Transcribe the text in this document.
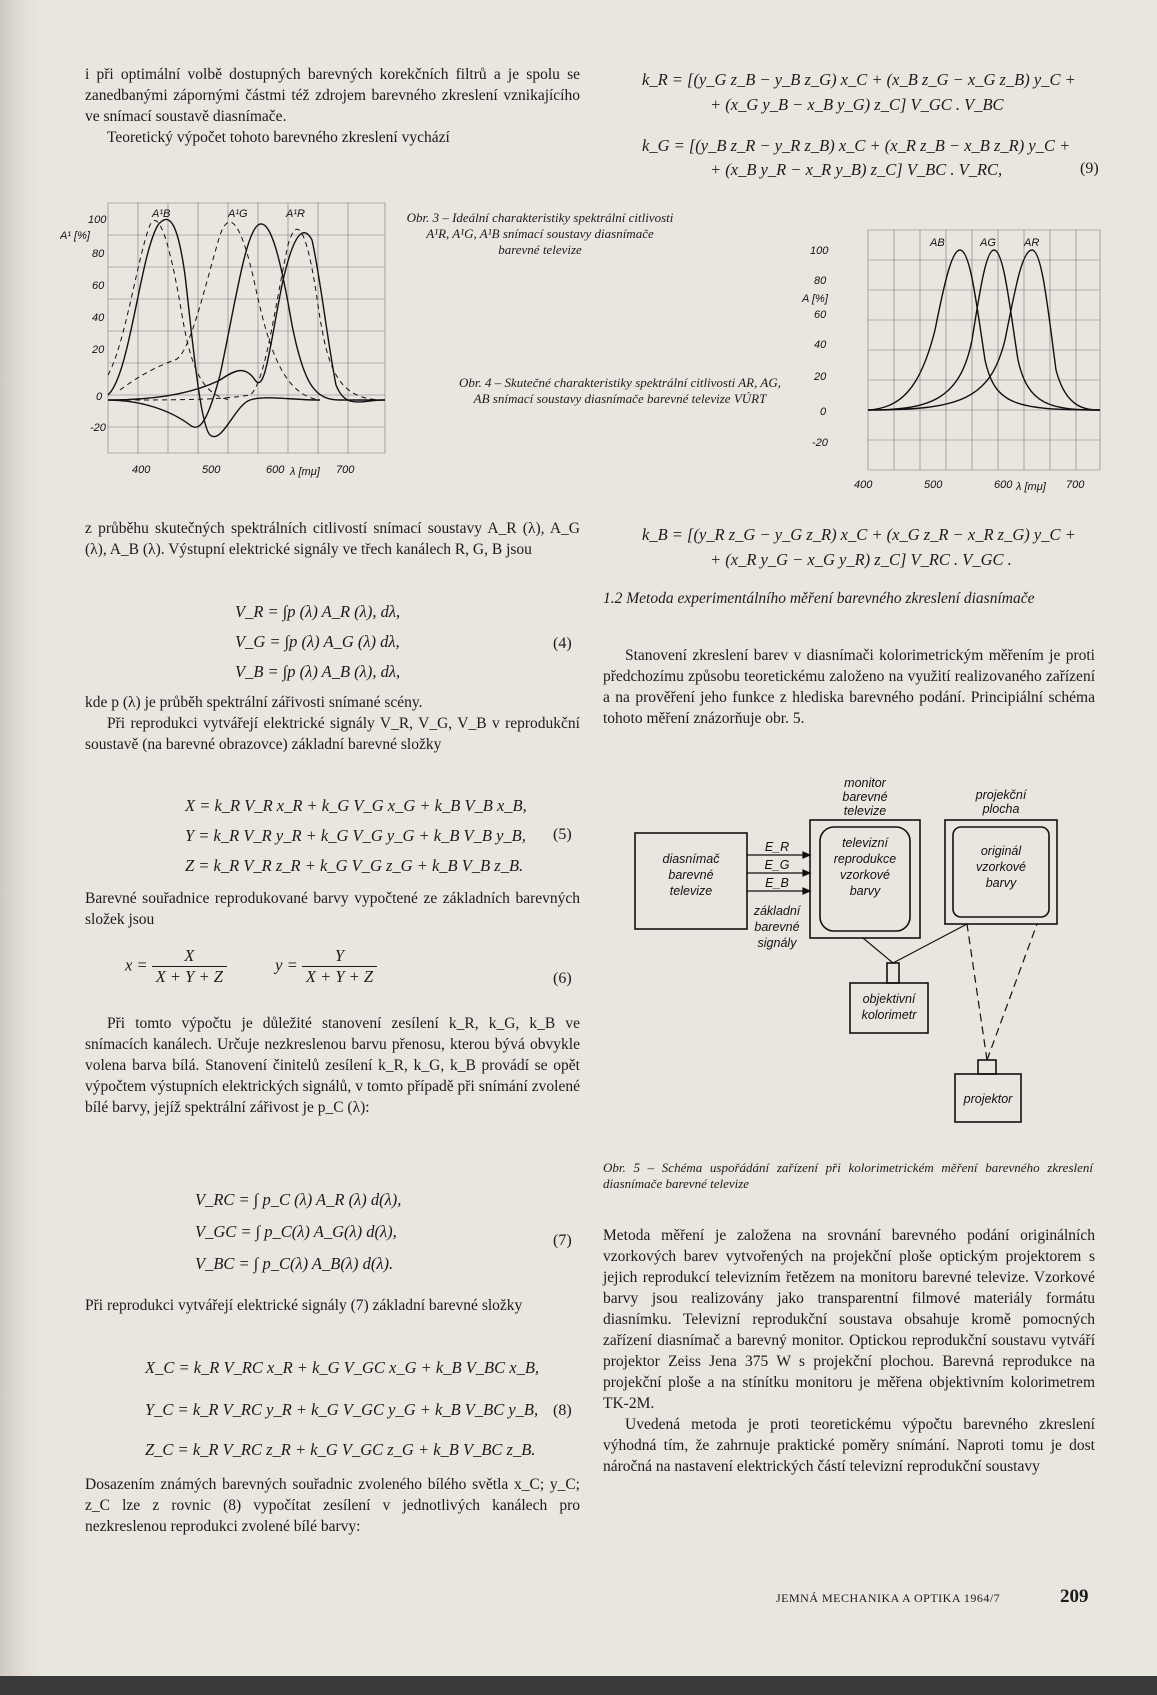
i při optimální volbě dostupných barevných korekčních filtrů a je spolu se zanedbanými zápornými částmi též zdrojem barevného zkreslení vznikajícího ve snímací soustavě diasnímače.

Teoretický výpočet tohoto barevného zkreslení vychází

100
A¹ [%]
80
60
40
20
0
-20
400	500	600 λ [mμ] 700
A¹B	A¹G	A¹R	Obr. 3 – Ideální charakteristiky spektrální citlivosti A¹R, A¹G, A¹B snímací soustavy diasnímače barevné televize
Obr. 4 – Skutečné charakteristiky spektrální citlivosti AR, AG, AB snímací soustavy diasnímače barevné televize VÚRT
100
80
A [%]
60
40
20
0
-20
400	500	600 λ [mμ] 700
AB	AG	AR

z průběhu skutečných spektrálních citlivostí snímací soustavy A_R (λ), A_G (λ), A_B (λ). Výstupní elektrické signály ve třech kanálech R, G, B jsou

V_R = ∫p (λ) A_R (λ), dλ,
V_G = ∫p (λ) A_G (λ) dλ,
V_B = ∫p (λ) A_B (λ), dλ,
(4)

kde p (λ) je průběh spektrální zářivosti snímané scény.

Při reprodukci vytvářejí elektrické signály V_R, V_G, V_B v reprodukční soustavě (na barevné obrazovce) základní barevné složky

X = k_R V_R x_R + k_G V_G x_G + k_B V_B x_B,
Y = k_R V_R y_R + k_G V_G y_G + k_B V_B y_B,
Z = k_R V_R z_R + k_G V_G z_G + k_B V_B z_B.
(5)

Barevné souřadnice reprodukované barvy vypočtené ze základních barevných složek jsou

$x = \frac{X}{X + Y + Z}$	$y = \frac{Y}{X + Y + Z}$	(6)

Při tomto výpočtu je důležité stanovení zesílení k_R, k_G, k_B ve snímacích kanálech. Určuje nezkreslenou barvu přenosu, kterou bývá obvykle volena barva bílá. Stanovení činitelů zesílení k_R, k_G, k_B provádí se opět výpočtem výstupních elektrických signálů, v tomto případě při snímání zvolené bílé barvy, jejíž spektrální zářivost je p_C (λ):

V_RC = ∫ p_C (λ) A_R (λ) d(λ),
V_GC = ∫ p_C(λ) A_G(λ) d(λ),
V_BC = ∫ p_C(λ) A_B(λ) d(λ).
(7)

Při reprodukci vytvářejí elektrické signály (7) základní barevné složky

X_C = k_R V_RC x_R + k_G V_GC x_G + k_B V_BC x_B,
Y_C = k_R V_RC y_R + k_G V_GC y_G + k_B V_BC y_B,
Z_C = k_R V_RC z_R + k_G V_GC z_G + k_B V_BC z_B.
(8)

Dosazením známých barevných souřadnic zvoleného bílého světla x_C; y_C; z_C lze z rovnic (8) vypočítat zesílení v jednotlivých kanálech pro nezkreslenou reprodukci zvolené bílé barvy:

k_R = [(y_G z_B − y_B z_G) x_C + (x_B z_G − x_G z_B) y_C +
+ (x_G y_B − x_B y_G) z_C] V_GC . V_BC
k_G = [(y_B z_R − y_R z_B) x_C + (x_R z_B − x_B z_R) y_C +
+ (x_B y_R − x_R y_B) z_C] V_BC . V_RC,	(9)
k_B = [(y_R z_G − y_G z_R) x_C + (x_G z_R − x_R z_G) y_C +
+ (x_R y_G − x_G y_R) z_C] V_RC . V_GC .
1.2 Metoda experimentálního měření barevného zkreslení diasnímače

Stanovení zkreslení barev v diasnímači kolorimetrickým měřením je proti předchozímu způsobu teoretickému založeno na využití realizovaného zařízení a na prověření jeho funkce z hlediska barevného podání. Principiální schéma tohoto měření znázorňuje obr. 5.

diasnímač
barevné
televize
monitor
barevné
televize
televizní
reprodukce
vzorkové
barvy
projekční
plocha
originál
vzorkové
barvy
E_R
E_G
E_B
základní
barevné
signály
objektivní
kolorimetr
projektor
Obr. 5 – Schéma uspořádání zařízení při kolorimetrickém měření barevného zkreslení diasnímače barevné televize

Metoda měření je založena na srovnání barevného podání originálních vzorkových barev vytvořených na projekční ploše optickým projektorem s jejich reprodukcí televizním řetězem na monitoru barevné televize. Vzorkové barvy jsou realizovány jako transparentní filmové materiály formátu diasnímku. Televizní reprodukční soustava obsahuje kromě pomocných zařízení diasnímač a barevný monitor. Optickou reprodukční soustavu vytváří projektor Zeiss Jena 375 W s projekční plochou. Barevná reprodukce na projekční ploše a na stínítku monitoru je měřena objektivním kolorimetrem TK-2M.

Uvedená metoda je proti teoretickému výpočtu barevného zkreslení výhodná tím, že zahrnuje praktické poměry snímání. Naproti tomu je dost náročná na nastavení elektrických částí televizní reprodukční soustavy

JEMNÁ MECHANIKA A OPTIKA 1964/7	209
